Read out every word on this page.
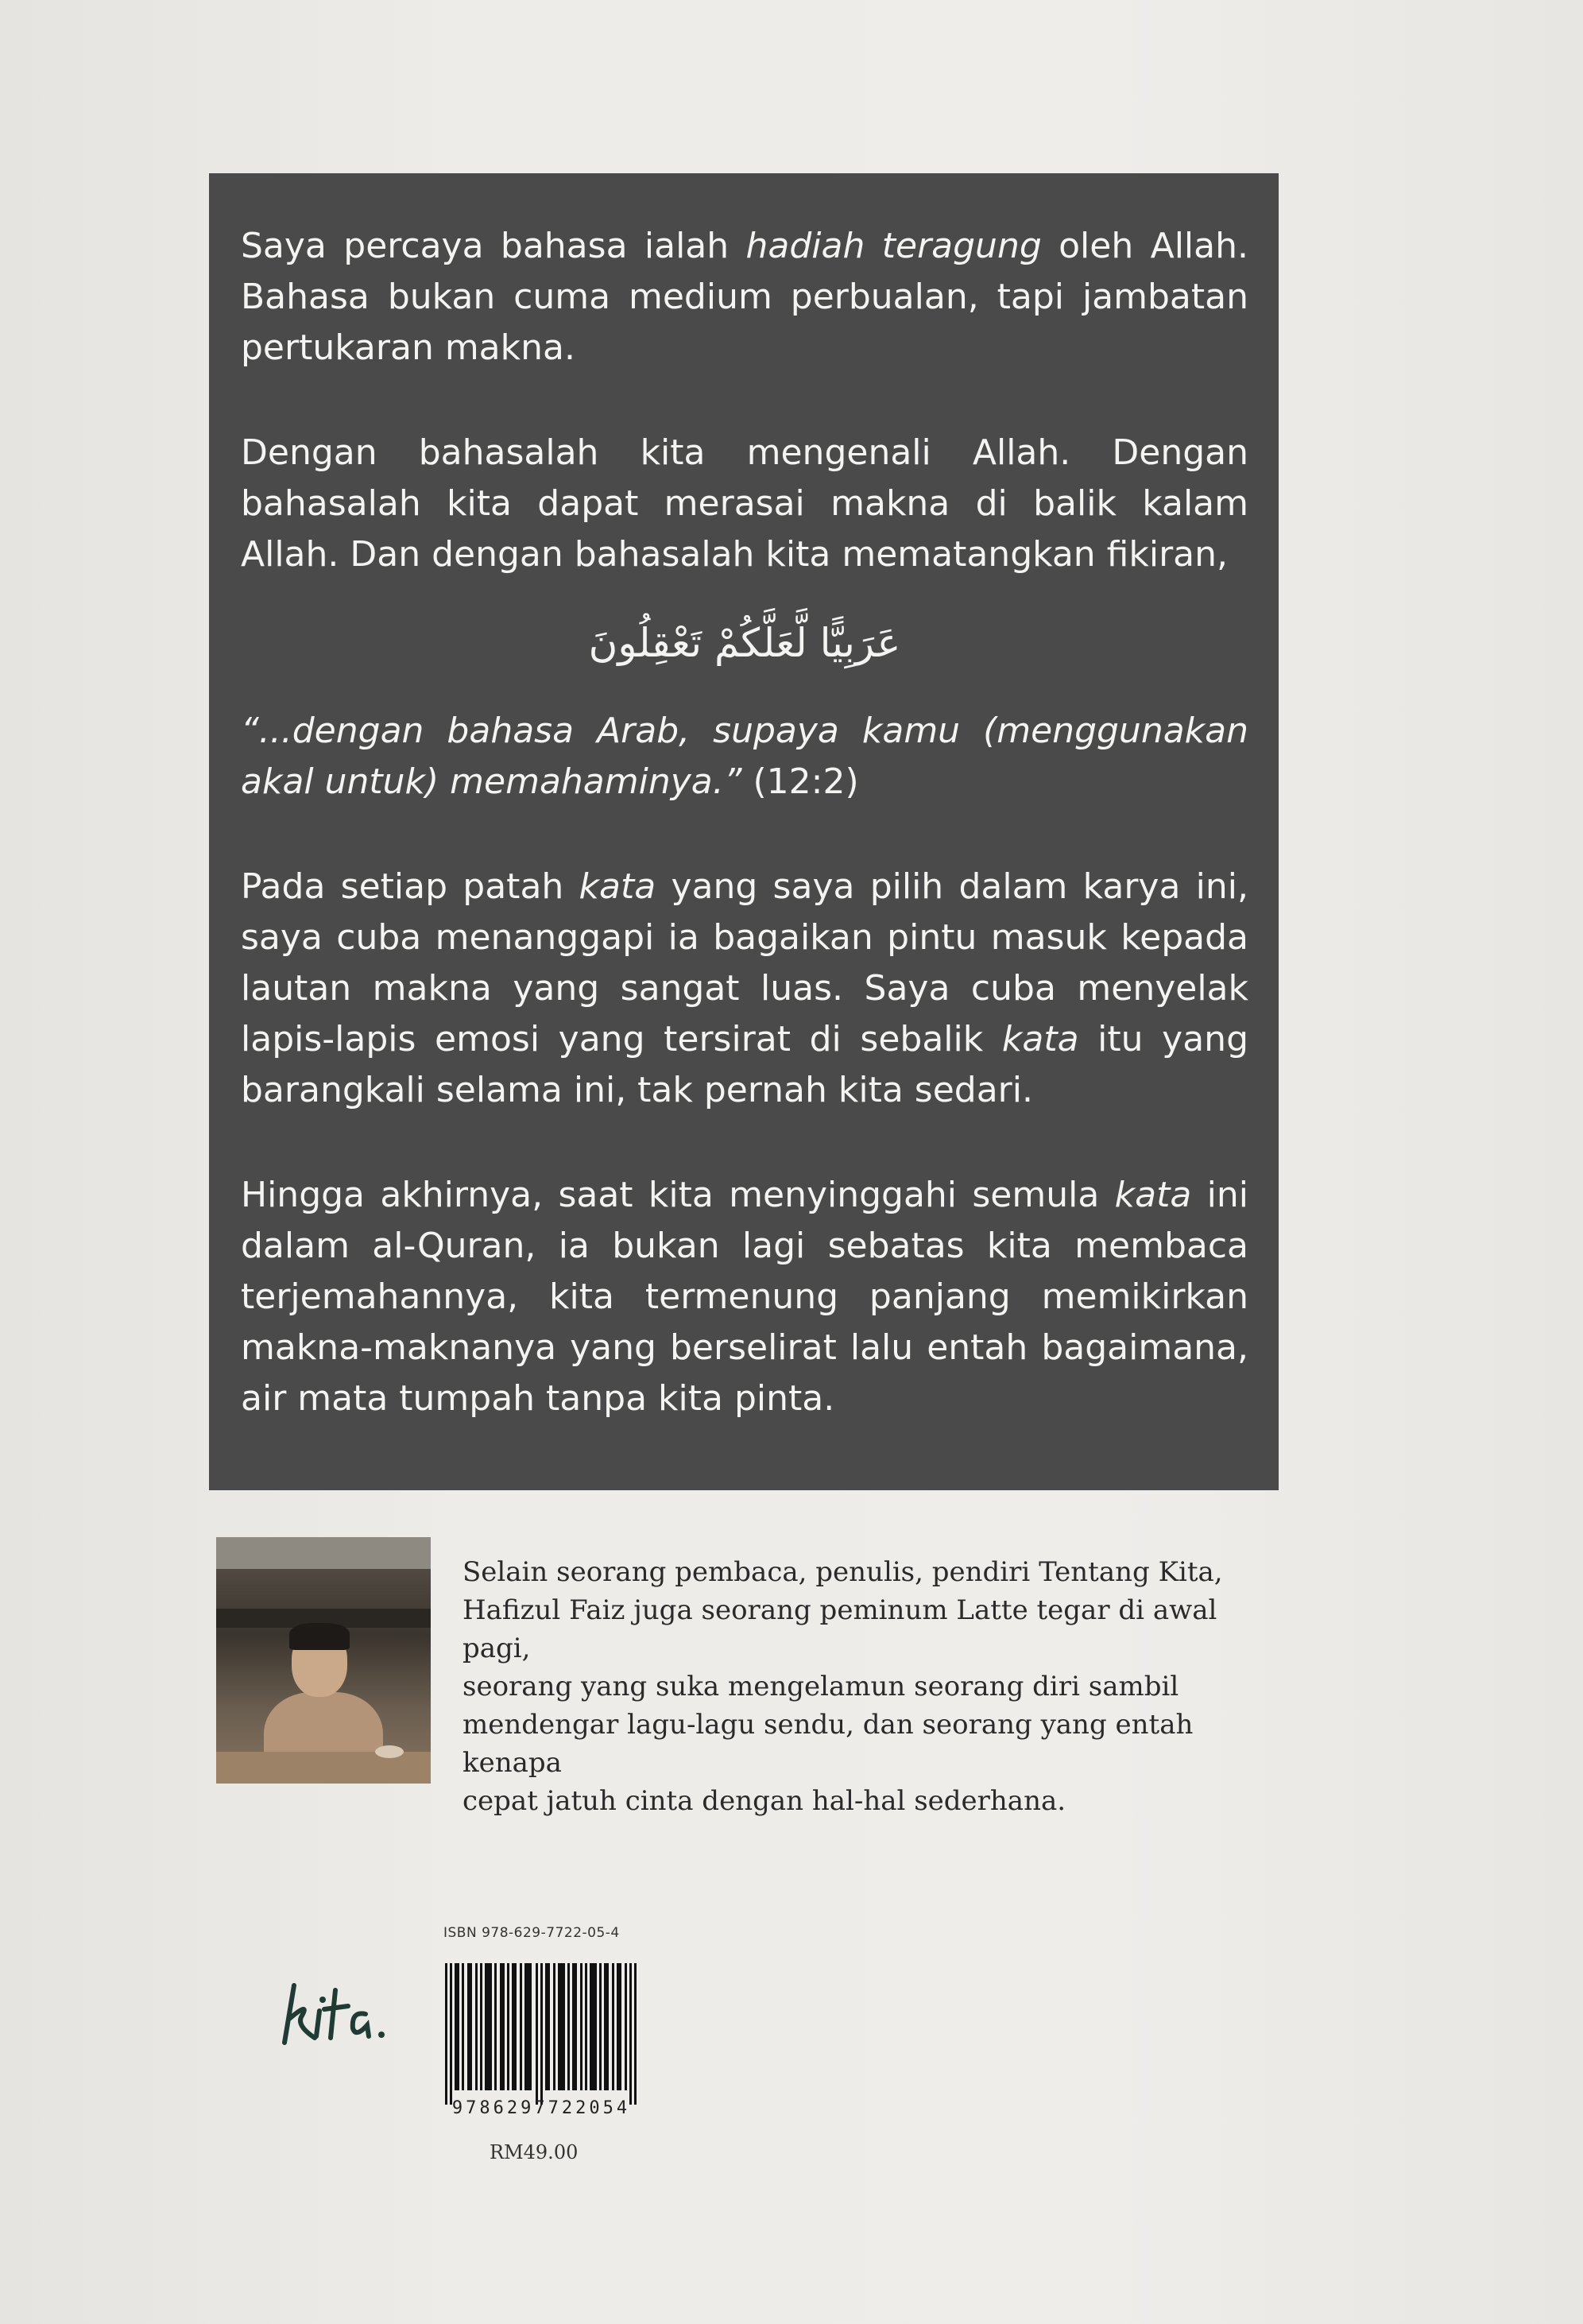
Saya percaya bahasa ialah hadiah teragung oleh Allah. Bahasa bukan cuma medium perbualan, tapi jambatan pertukaran makna.

Dengan bahasalah kita mengenali Allah. Dengan bahasalah kita dapat merasai makna di balik kalam Allah. Dan dengan bahasalah kita mematangkan fikiran,

عَرَبِيًّا لَّعَلَّكُمْ تَعْقِلُونَ

“...dengan bahasa Arab, supaya kamu (menggunakan akal untuk) memahaminya.” (12:2)

Pada setiap patah kata yang saya pilih dalam karya ini, saya cuba menanggapi ia bagaikan pintu masuk kepada lautan makna yang sangat luas. Saya cuba menyelak lapis-lapis emosi yang tersirat di sebalik kata itu yang barangkali selama ini, tak pernah kita sedari.

Hingga akhirnya, saat kita menyinggahi semula kata ini dalam al-Quran, ia bukan lagi sebatas kita membaca terjemahannya, kita termenung panjang memikirkan makna-maknanya yang berselirat lalu entah bagaimana, air mata tumpah tanpa kita pinta.

Selain seorang pembaca, penulis, pendiri Tentang Kita,
Hafizul Faiz juga seorang peminum Latte tegar di awal pagi,
seorang yang suka mengelamun seorang diri sambil
mendengar lagu-lagu sendu, dan seorang yang entah kenapa
cepat jatuh cinta dengan hal-hal sederhana.
ISBN 978-629-7722-05-4
9786297722054
RM49.00
